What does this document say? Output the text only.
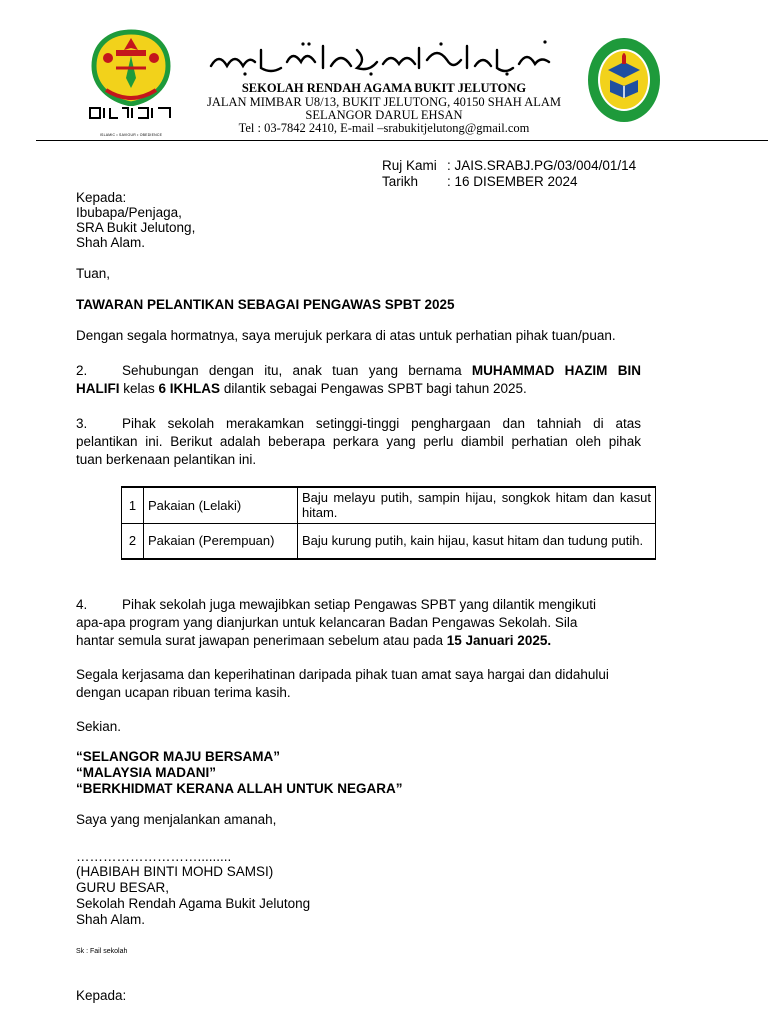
ISLAMIC • SAVIOUR • OBEDIENCE
SEKOLAH RENDAH AGAMA BUKIT JELUTONG
JALAN MIMBAR U8/13, BUKIT JELUTONG, 40150 SHAH ALAM
SELANGOR DARUL EHSAN
Tel : 03-7842 2410, E-mail –srabukitjelutong@gmail.com
Ruj Kami : JAIS.SRABJ.PG/03/004/01/14
Tarikh : 16 DISEMBER 2024
Kepada:
Ibubapa/Penjaga,
SRA Bukit Jelutong,
Shah Alam.
Tuan,
TAWARAN PELANTIKAN SEBAGAI PENGAWAS SPBT 2025
Dengan segala hormatnya, saya merujuk perkara di atas untuk perhatian pihak tuan/puan.
2.	Sehubungan dengan itu, anak tuan yang bernama MUHAMMAD HAZIM BIN
HALIFI kelas 6 IKHLAS dilantik sebagai Pengawas SPBT bagi tahun 2025.
3.	Pihak sekolah merakamkan setinggi-tinggi penghargaan dan tahniah di atas
pelantikan ini. Berikut adalah beberapa perkara yang perlu diambil perhatian oleh pihak
tuan berkenaan pelantikan ini.
1	Pakaian (Lelaki)	Baju melayu putih, sampin hijau, songkok hitam dan kasut hitam.
2	Pakaian (Perempuan)	Baju kurung putih, kain hijau, kasut hitam dan tudung putih.
4.	Pihak sekolah juga mewajibkan setiap Pengawas SPBT yang dilantik mengikuti
apa-apa program yang dianjurkan untuk kelancaran Badan Pengawas Sekolah. Sila
hantar semula surat jawapan penerimaan sebelum atau pada 15 Januari 2025.
Segala kerjasama dan keperihatinan daripada pihak tuan amat saya hargai dan didahului
dengan ucapan ribuan terima kasih.
Sekian.
“SELANGOR MAJU BERSAMA”
“MALAYSIA MADANI”
“BERKHIDMAT KERANA ALLAH UNTUK NEGARA”
Saya yang menjalankan amanah,
……………………….........
(HABIBAH BINTI MOHD SAMSI)
GURU BESAR,
Sekolah Rendah Agama Bukit Jelutong
Shah Alam.
Sk : Fail sekolah
Kepada:
